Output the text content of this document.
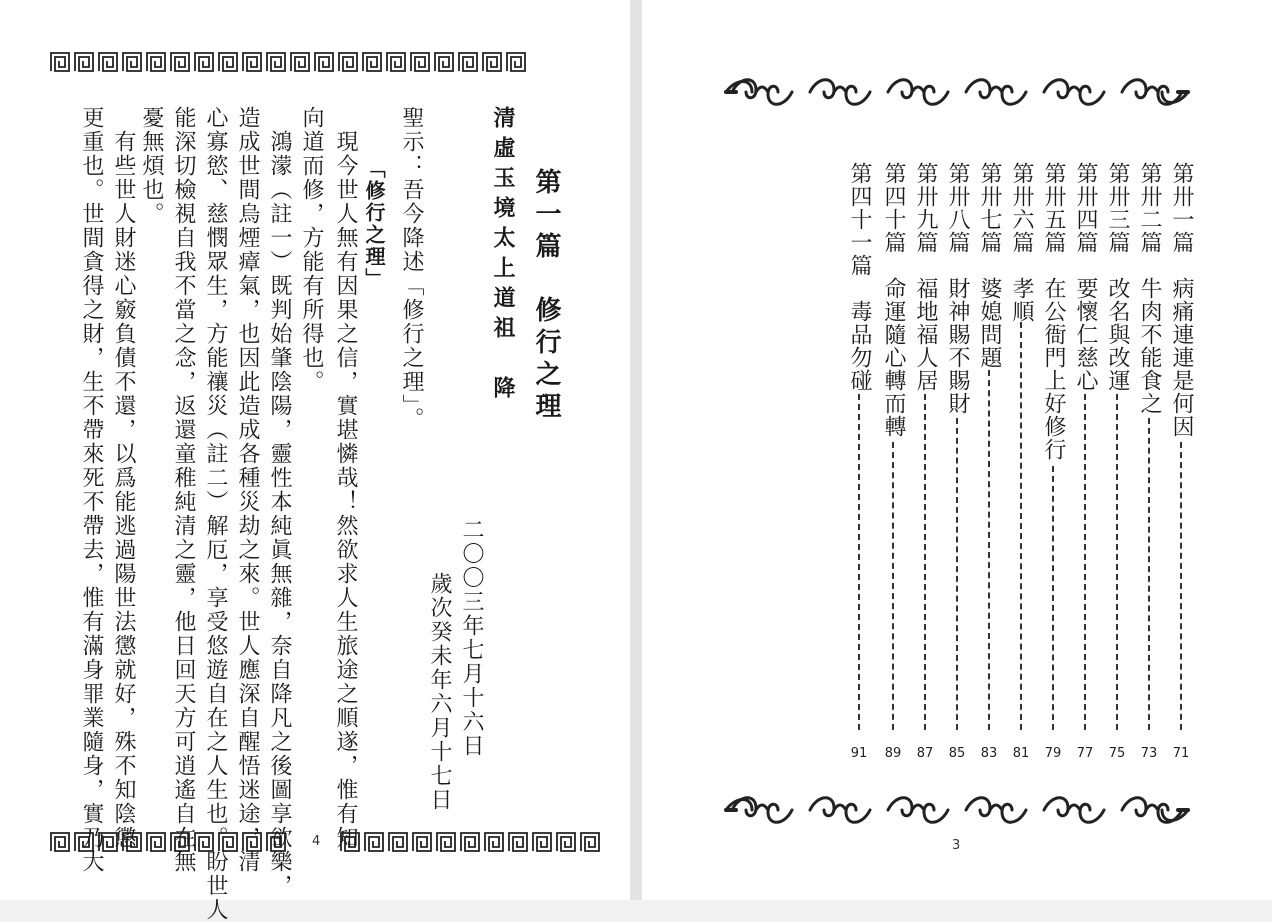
4
第一篇　修行之理
清虛玉境太上道祖　降
聖示：吾今降述「修行之理」。
「修行之理」
　現今世人無有因果之信，實堪憐哉！然欲求人生旅途之順遂，惟有知
向道而修，方能有所得也。
　鴻濛（註一）既判始肇陰陽，靈性本純眞無雜，奈自降凡之後圖享欲樂，
造成世間烏煙瘴氣，也因此造成各種災劫之來。世人應深自醒悟迷途，清
心寡慾、慈憫眾生，方能禳災（註二）解厄，享受悠遊自在之人生也。盼世人
能深切檢視自我不當之念，返還童稚純清之靈，他日回天方可逍遙自在無
憂無煩也。
　有些世人財迷心竅負債不還，以爲能逃過陽世法懲就好，殊不知陰懲
更重也。世間貪得之財，生不帶來死不帶去，惟有滿身罪業隨身，實乃大	二〇〇三年七月十六日
歲次癸未年六月十七日
第卅一篇　病痛連連是何因
71
第卅二篇　牛肉不能食之
73
第卅三篇　改名與改運
75
第卅四篇　要懷仁慈心
77
第卅五篇　在公衙門上好修行
79
第卅六篇　孝順
81
第卅七篇　婆媳問題
83
第卅八篇　財神賜不賜財
85
第卅九篇　福地福人居
87
第四十篇　命運隨心轉而轉
89
第四十一篇　毒品勿碰
91
3
